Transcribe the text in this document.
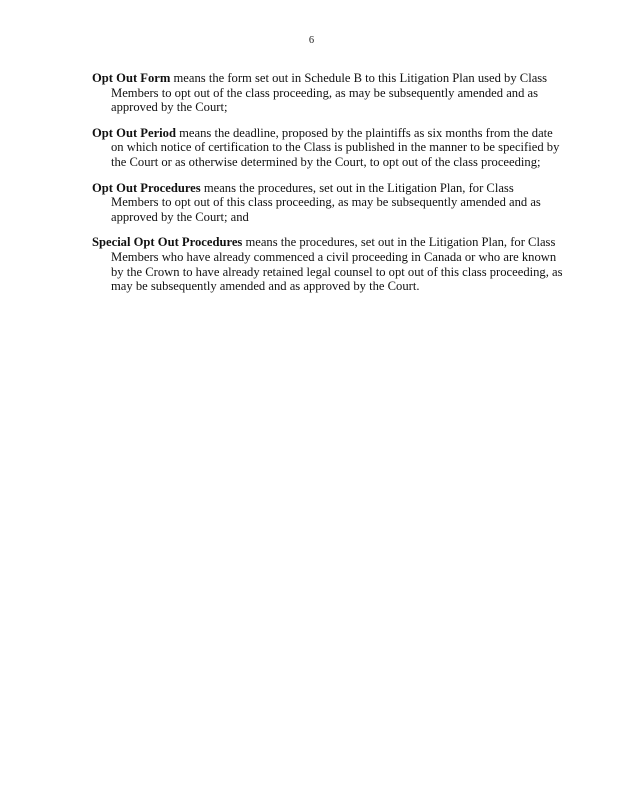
6

Opt Out Form means the form set out in Schedule B to this Litigation Plan used by Class
Members to opt out of the class proceeding, as may be subsequently amended and as
approved by the Court;

Opt Out Period means the deadline, proposed by the plaintiffs as six months from the date
on which notice of certification to the Class is published in the manner to be specified by
the Court or as otherwise determined by the Court, to opt out of the class proceeding;

Opt Out Procedures means the procedures, set out in the Litigation Plan, for Class
Members to opt out of this class proceeding, as may be subsequently amended and as
approved by the Court; and

Special Opt Out Procedures means the procedures, set out in the Litigation Plan, for Class
Members who have already commenced a civil proceeding in Canada or who are known
by the Crown to have already retained legal counsel to opt out of this class proceeding, as
may be subsequently amended and as approved by the Court.
